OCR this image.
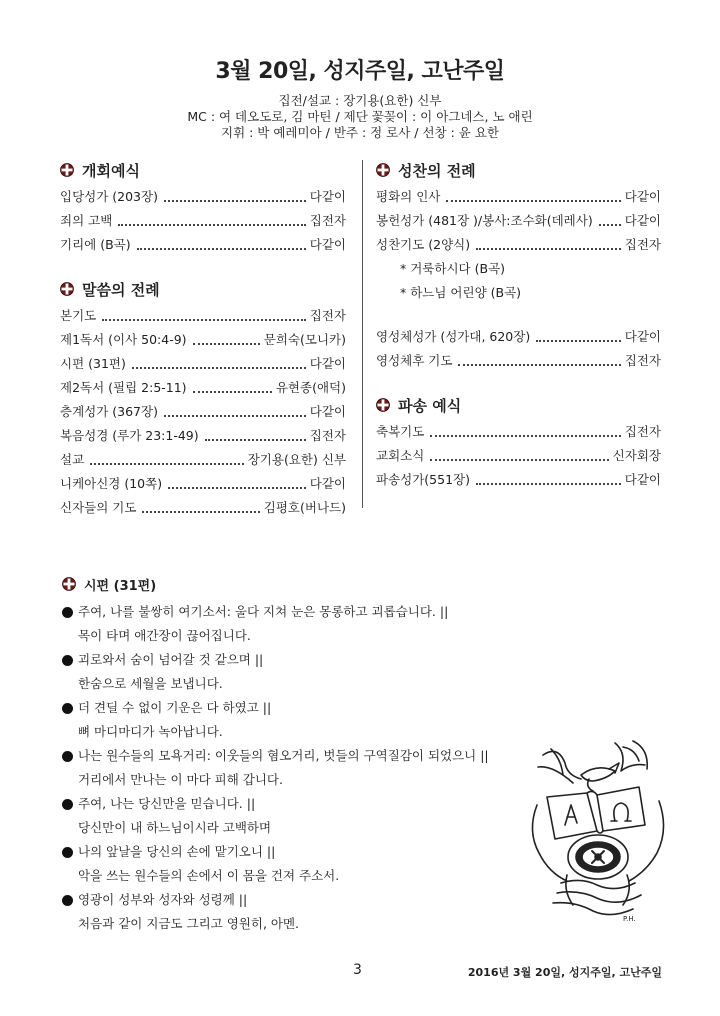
3월 20일, 성지주일, 고난주일
집전/설교 : 장기용(요한) 신부
MC : 여 데오도로, 김 마틴 / 제단 꽃꽂이 : 이 아그네스, 노 애린
지휘 : 박 예레미아 / 반주 : 정 로사 / 선창 : 윤 요한
개회예식
입당성가 (203장)	다같이
죄의 고백	집전자
기리에 (B곡)	다같이
말씀의 전례
본기도	집전자
제1독서 (이사 50:4-9)	문희숙(모니카)
시편 (31편)	다같이
제2독서 (필립 2:5-11)	유현종(애덕)
층계성가 (367장)	다같이
복음성경 (루가 23:1-49)	집전자
설교	장기용(요한) 신부
니케아신경 (10쪽)	다같이
신자들의 기도	김평호(버나드)
성찬의 전례
평화의 인사	다같이
봉헌성가 (481장 )/봉사:조수화(데레사)	다같이
성찬기도 (2양식)	집전자
* 거룩하시다 (B곡)
* 하느님 어린양 (B곡)
영성체성가 (성가대, 620장)	다같이
영성체후 기도	집전자
파송 예식
축복기도	집전자
교회소식	신자회장
파송성가(551장)	다같이
시편 (31편)
주여, 나를 불쌍히 여기소서: 울다 지쳐 눈은 몽롱하고 괴롭습니다. ||
목이 타며 애간장이 끊어집니다.
괴로와서 숨이 넘어갈 것 같으며 ||
한숨으로 세월을 보냅니다.
더 견딜 수 없이 기운은 다 하였고 ||
뼈 마디마디가 녹아납니다.
나는 원수들의 모욕거리: 이웃들의 혐오거리, 벗들의 구역질감이 되었으니 ||
거리에서 만나는 이 마다 피해 갑니다.
주여, 나는 당신만을 믿습니다. ||
당신만이 내 하느님이시라 고백하며
나의 앞날을 당신의 손에 맡기오니 ||
악을 쓰는 원수들의 손에서 이 몸을 건져 주소서.
영광이 성부와 성자와 성령께 ||
처음과 같이 지금도 그리고 영원히, 아멘.	P.H.
3	2016년 3월 20일, 성지주일, 고난주일
